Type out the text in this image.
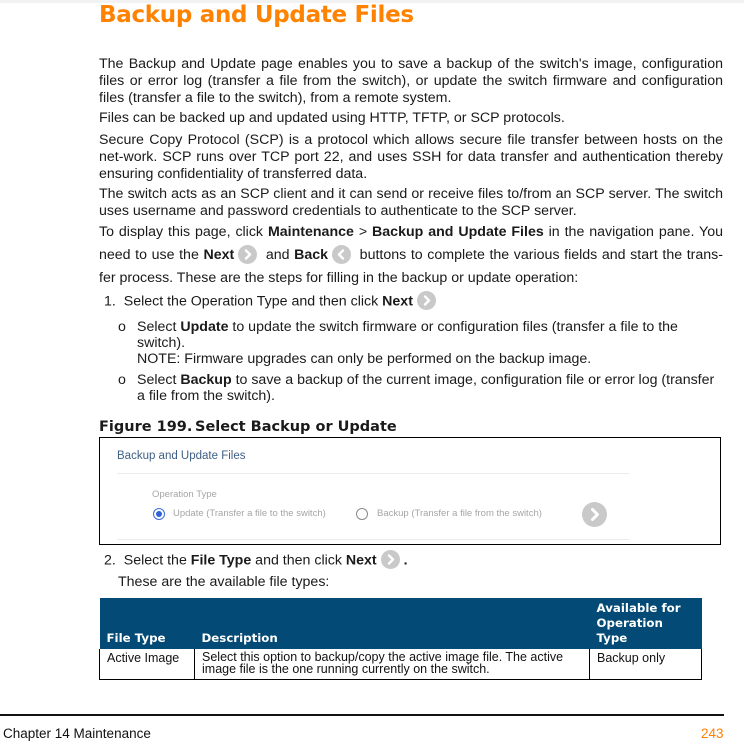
Backup and Update Files
The Backup and Update page enables you to save a backup of the switch's image, configuration files or error log (transfer a file from the switch), or update the switch firmware and configuration files (transfer a file to the switch), from a remote system.
Files can be backed up and updated using HTTP, TFTP, or SCP protocols.
Secure Copy Protocol (SCP) is a protocol which allows secure file transfer between hosts on the net-work. SCP runs over TCP port 22, and uses SSH for data transfer and authentication thereby ensuring confidentiality of transferred data.
The switch acts as an SCP client and it can send or receive files to/from an SCP server. The switch uses username and password credentials to authenticate to the SCP server.
To display this page, click Maintenance > Backup and Update Files in the navigation pane. You need to use the Next
and Back
buttons to complete the various fields and start the trans-fer process. These are the steps for filling in the backup or update operation:
1. Select the Operation Type and then click Next
o Select Update to update the switch firmware or configuration files (transfer a file to the switch).
NOTE: Firmware upgrades can only be performed on the backup image.
o Select Backup to save a backup of the current image, configuration file or error log (transfer a file from the switch).
Figure 199. Select Backup or Update
Backup and Update Files
Operation Type
Update (Transfer a file to the switch)	Backup (Transfer a file from the switch)
2. Select the File Type and then click Next .
These are the available file types:
File Type	Description	Available for
Operation Type
Active Image	Select this option to backup/copy the active image file. The active image file is the one running currently on the switch.	Backup only
Chapter 14 Maintenance	243
